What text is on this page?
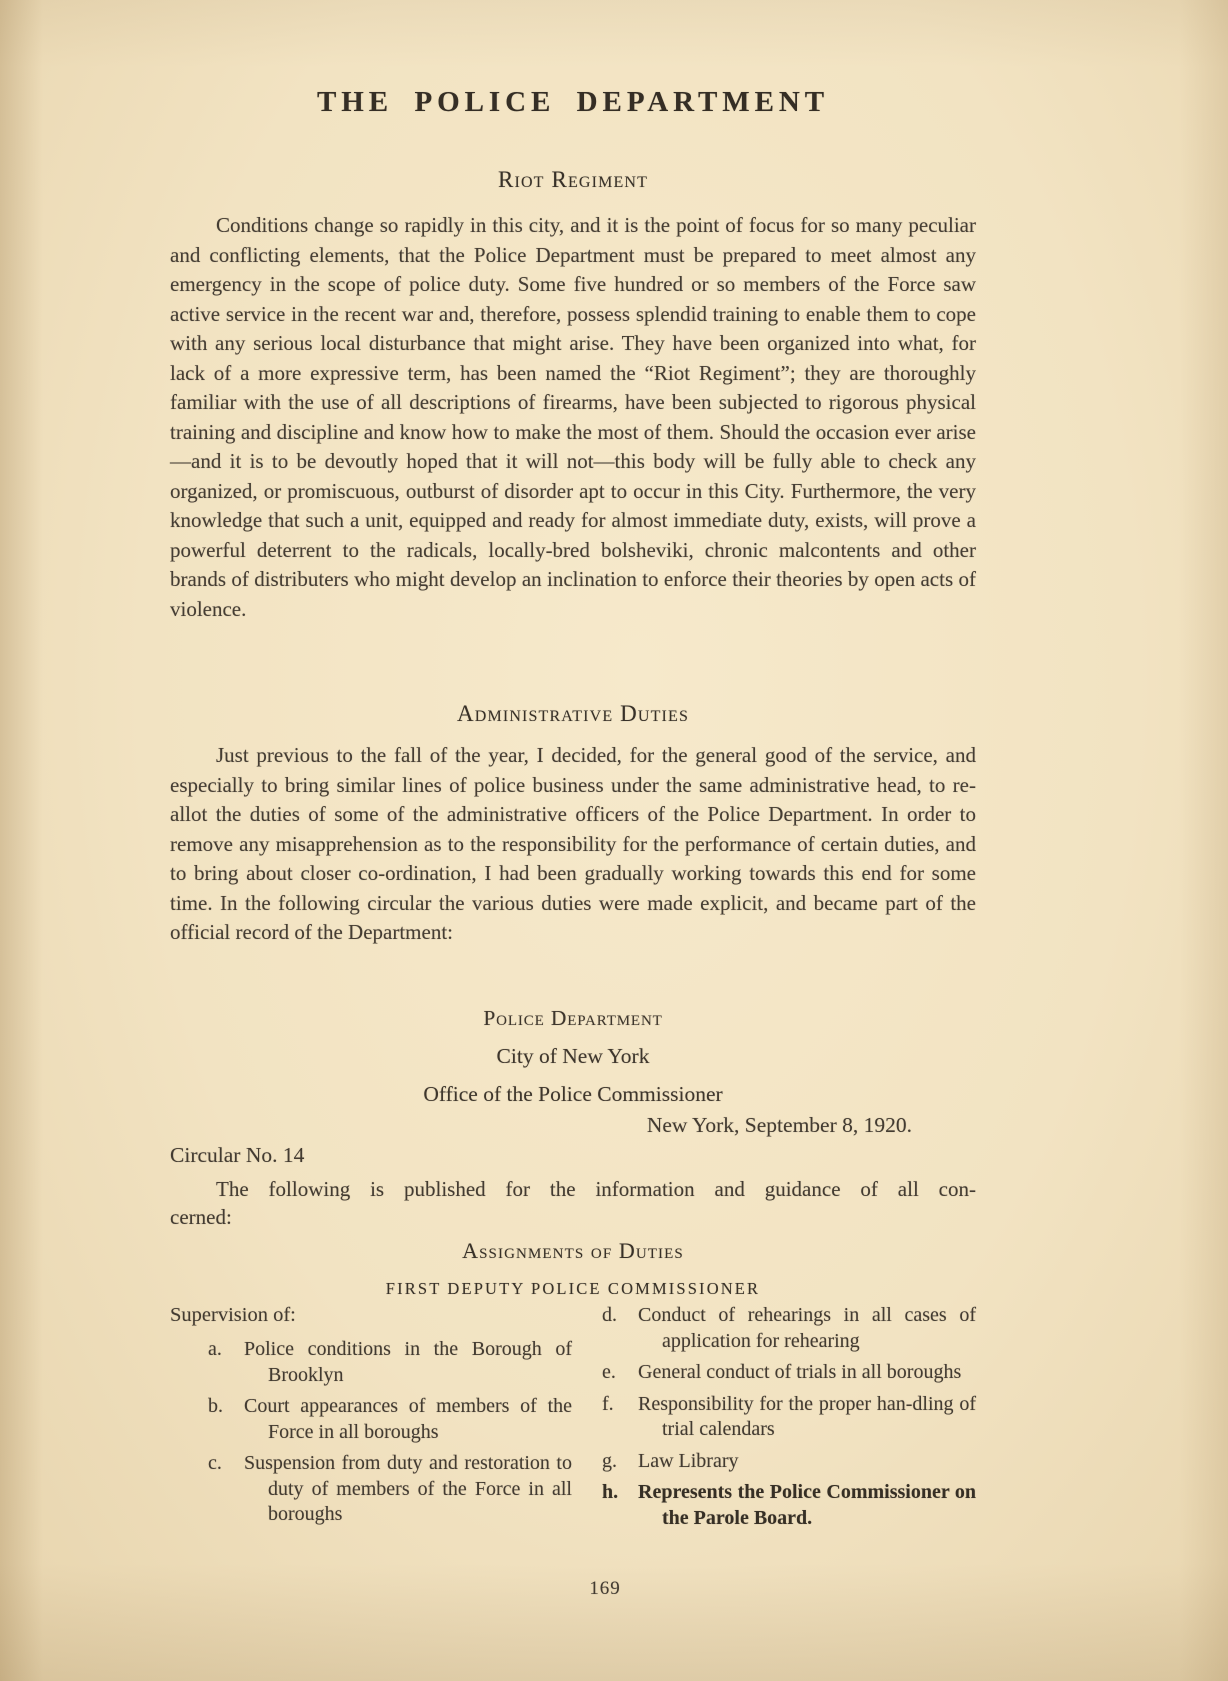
THE POLICE DEPARTMENT
Riot Regiment

Conditions change so rapidly in this city, and it is the point of focus for so many peculiar and conflicting elements, that the Police Department must be prepared to meet almost any emergency in the scope of police duty. Some five hundred or so members of the Force saw active service in the recent war and, therefore, possess splendid training to enable them to cope with any serious local disturbance that might arise. They have been organized into what, for lack of a more expressive term, has been named the “Riot Regiment”; they are thoroughly familiar with the use of all descriptions of firearms, have been subjected to rigorous physical training and discipline and know how to make the most of them. Should the occasion ever arise—and it is to be devoutly hoped that it will not—this body will be fully able to check any organized, or promiscuous, outburst of disorder apt to occur in this City. Furthermore, the very knowledge that such a unit, equipped and ready for almost immediate duty, exists, will prove a powerful deterrent to the radicals, locally-bred bolsheviki, chronic malcontents and other brands of distributers who might develop an inclination to enforce their theories by open acts of violence.

Administrative Duties

Just previous to the fall of the year, I decided, for the general good of the service, and especially to bring similar lines of police business under the same administrative head, to re-allot the duties of some of the administrative officers of the Police Department. In order to remove any misapprehension as to the responsibility for the performance of certain duties, and to bring about closer co-ordination, I had been gradually working towards this end for some time. In the following circular the various duties were made explicit, and became part of the official record of the Department:

Police Department
City of New York
Office of the Police Commissioner
New York, September 8, 1920.
Circular No. 14
The following is published for the information and guidance of all con-
cerned:
Assignments of Duties
FIRST DEPUTY POLICE COMMISSIONER
Supervision of:
a.	Police conditions in the Borough of Brooklyn
b.	Court appearances of members of the Force in all boroughs
c.	Suspension from duty and restoration to duty of members of the Force in all boroughs
d.	Conduct of rehearings in all cases of application for rehearing
e.	General conduct of trials in all boroughs
f.	Responsibility for the proper han-dling of trial calendars
g.	Law Library
h. Represents the Police Commissioner on the Parole Board.
169
